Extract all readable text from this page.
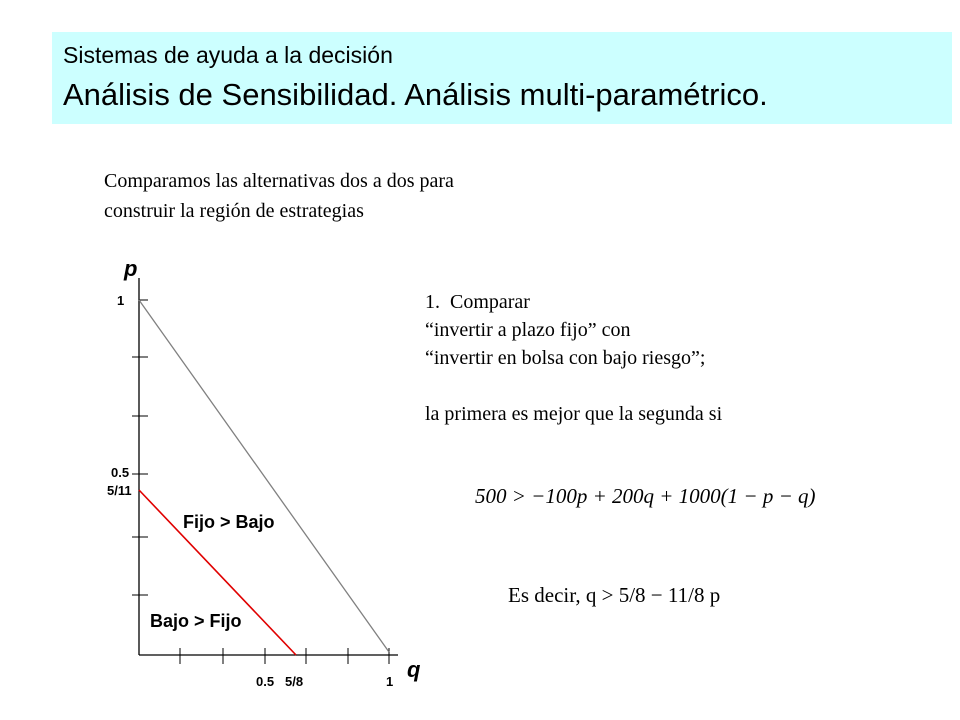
Sistemas de ayuda a la decisión
Análisis de Sensibilidad. Análisis multi-paramétrico.
Comparamos las alternativas dos a dos para
construir la región de estrategias
1. Comparar
“invertir a plazo fijo” con
“invertir en bolsa con bajo riesgo”;
la primera es mejor que la segunda si
500 > −100p + 200q + 1000(1 − p − q)
Es decir, q > 5/8 − 11/8 p
p
q
1
0.5
5/11
0.5 5/8	1
Fijo > Bajo
Bajo > Fijo
